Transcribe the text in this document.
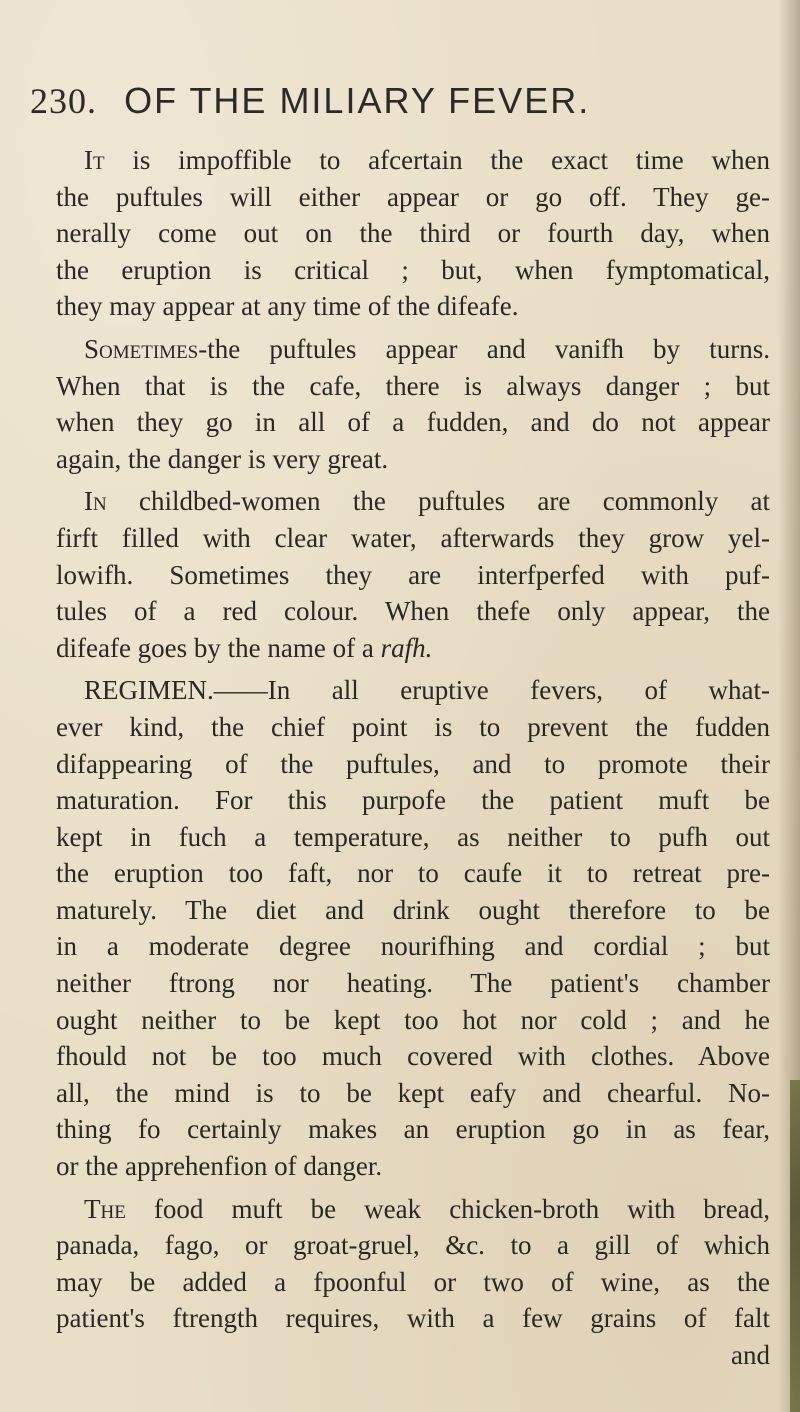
230. OF THE MILIARY FEVER.
It is impoffible to afcertain the exact time when
the puftules will either appear or go off. They ge-
nerally come out on the third or fourth day, when
the eruption is critical ; but, when fymptomatical,
they may appear at any time of the difeafe.
Sometimes-the puftules appear and vanifh by turns.
When that is the cafe, there is always danger ; but
when they go in all of a fudden, and do not appear
again, the danger is very great.
In childbed-women the puftules are commonly at
firft filled with clear water, afterwards they grow yel-
lowifh. Sometimes they are interfperfed with puf-
tules of a red colour. When thefe only appear, the
difeafe goes by the name of a rafh.
REGIMEN.——In all eruptive fevers, of what-
ever kind, the chief point is to prevent the fudden
difappearing of the puftules, and to promote their
maturation. For this purpofe the patient muft be
kept in fuch a temperature, as neither to pufh out
the eruption too faft, nor to caufe it to retreat pre-
maturely. The diet and drink ought therefore to be
in a moderate degree nourifhing and cordial ; but
neither ftrong nor heating. The patient's chamber
ought neither to be kept too hot nor cold ; and he
fhould not be too much covered with clothes. Above
all, the mind is to be kept eafy and chearful. No-
thing fo certainly makes an eruption go in as fear,
or the apprehenfion of danger.
The food muft be weak chicken-broth with bread,
panada, fago, or groat-gruel, &c. to a gill of which
may be added a fpoonful or two of wine, as the
patient's ftrength requires, with a few grains of falt
and
